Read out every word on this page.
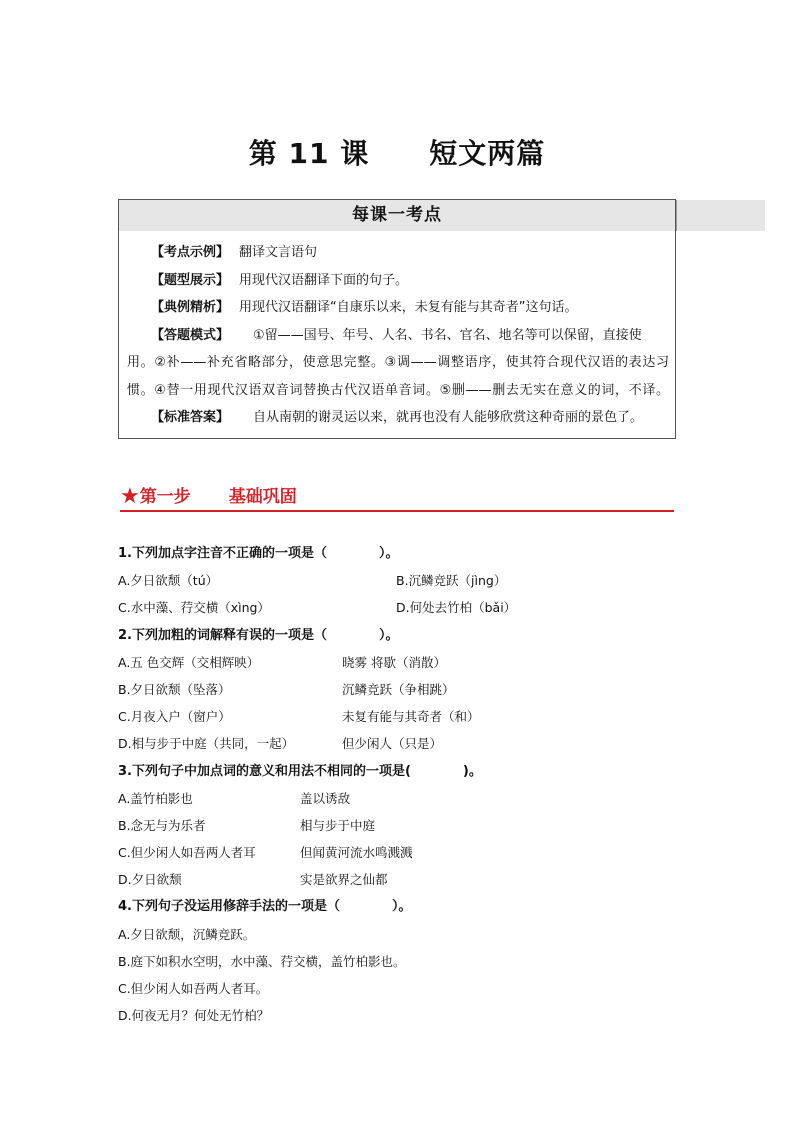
第 11 课 短文两篇
每课一考点
【考点示例】 翻译文言语句
【题型展示】 用现代汉语翻译下面的句子。
【典例精析】 用现代汉语翻译“自康乐以来，未复有能与其奇者”这句话。
【答题模式】 ①留——国号、年号、人名、书名、官名、地名等可以保留，直接使
用。②补——补充省略部分，使意思完整。③调——调整语序，使其符合现代汉语的表达习
惯。④替一用现代汉语双音词替换古代汉语单音词。⑤删——删去无实在意义的词，不译。
【标准答案】 自从南朝的谢灵运以来，就再也没有人能够欣赏这种奇丽的景色了。
★第一步 基础巩固
1.下列加点字注音不正确的一项是（　　　　）。
A.夕日欲颓（tú）	B.沉鳞竞跃（jìng）
C.水中藻、荇交横（xìng）	D.何处去竹柏（bǎi）
2.下列加粗的词解释有误的一项是（　　　　）。
A.五 色交辉（交相辉映）	晓雾 将歇（消散）
B.夕日欲颓（坠落）	沉鳞竞跃（争相跳）
C.月夜入户（窗户）	未复有能与其奇者（和）
D.相与步于中庭（共同，一起）	但少闲人（只是）
3.下列句子中加点词的意义和用法不相同的一项是(　　　　)。
A.盖竹柏影也	盖以诱敌
B.念无与为乐者	相与步于中庭
C.但少闲人如吾两人者耳	但闻黄河流水鸣溅溅
D.夕日欲颓	实是欲界之仙都
4.下列句子没运用修辞手法的一项是（　　　　）。
A.夕日欲颓，沉鳞竞跃。
B.庭下如积水空明，水中藻、荇交横，盖竹柏影也。
C.但少闲人如吾两人者耳。
D.何夜无月？何处无竹柏？
